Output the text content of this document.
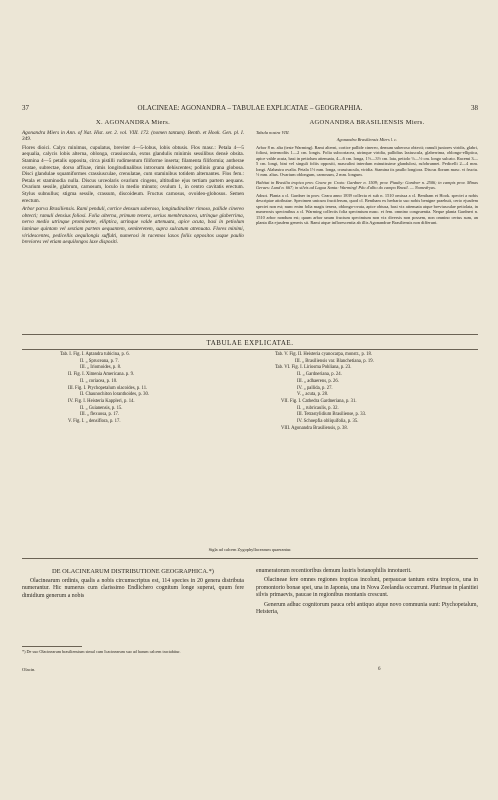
37	OLACINEAE: AGONANDRA – TABULAE EXPLICATAE – GEOGRAPHIA.	38
X. AGONANDRA Miers.

Agonandra Miers in Ann. of Nat. Hist. ser. 2. vol. VIII. 172. (nomen tantum). Benth. et Hook. Gen. pl. I. 349.

Flores dioici. Calyx minimus, cupulatus, breviter 4—5-lobus, lobis obtusis. Flos masc.: Petala 4—5 aequalia, calycis lobis alterna, oblonga, crassiuscula, extus glandulis minimis sessilibus densè obsita. Stamina 4—5 petalis opposita, circa pistilli rudimentum filiforme inserta; filamenta filiformia; antherae ovatae, subrectae, dorso affixae, rimis longitudinalibus introrsum dehiscentes; pollinis grana globosa. Disci glandulae squamiformes crassiusculae, crenulatae, cum staminibus totidem alternantes. Flos fem.: Petala et staminodia nulla. Discus urceolaris ovarium cingens, altitudine ejus tertiam partem aequans. Ovarium sessile, glabrum, carnosum, loculo in medio minuto; ovulum 1, in centro cavitatis erectum. Stylus subnullus; stigma sessile, crassum, discoideum. Fructus carnosus, ovoideo-globosus. Semen erectum.

Arbor parva Brasiliensis. Rami penduli, cortice densum suberoso, longitudinaliter rimoso, pallide cinereo obtecti; ramuli densius foliosi. Folia alterna, primum tenera, serius membranacea, utrinque glaberrima, nervo medio utrinque prominente, elliptica, utrinque valde attenuata, apice acuta, basi in petiolum laminae quintam vel sextiam partem aequantem, semiteretem, supra sulcatum attenuata. Flores minimi, viridescentes, pedicellis aequilongis suffulti, numerosi in racemos laxos foliis oppositos usque paullo breviores vel etiam aequilongos laxe dispositi.

AGONANDRA BRASILIENSIS Miers.

Tabula nostra VIII.

Agonandra Brasiliensis Miers l. c.

Arbor 8 m. alta (teste Warming). Rami alterni, cortice pallide cinereo, demum suberoso obtecti; ramuli juniores viridis, glabri, foliosi, internodiis 1—2 cm. longis. Folia subcoriacea, utrinque viridia, pallidius laxiuscula, glaberrima, oblongo-elliptica, apice valde acuta, basi in petiolum attenuata, 4—6 cm. longa, 1½—3½ cm. lata, petiolo ⅓—½ cm. longo sulcato. Racemi 3—5 cm. longi, bini vel singuli foliis oppositi, masculini interdum minutissime glandulosi, rufobrunnei. Pedicelli 2—4 mm. longi. Alabastra ovalia. Petala 1½ mm. longa, crassiuscula, viridia. Stamina iis paullo longiora. Discus florum masc. vi fructu. ½ mm. altus. Ovarium oblongum, carnosum, 2 mm. longum.

Habitat in Brasilia tropica prov. Ceara pr. Crato: Gardner n. 1509; prov. Piauhy: Gardner n. 2506; in campis prov. Minas Geraes: Lund n. 667; in silvis ad Lagoa Santa: Warming! Pão d'alho do campo Brasil. — Nomedryas.

Adnot. Planta a cl. Gardner in prov. Ceara anno 1839 collecta et sub n. 1510 omissa a cl. Bentham et Hook. speciei a nobis descriptae attributae. Specimen unicum fructiferum, quod cl. Bentham ex herbario suo nobis benigne praebuit, certo ejusdem speciei non est; nunc enim folia magis tenera, oblongo-ovata, apice obtusa, basi vix attenuata atque breviusculae petiolata, in numerosis specimibus a cl. Warming collectis folia specimium masc. et fem. omnino congruentia. Neque planta Gardneri n. 1510 arbor nondum est; quum arbor unum fructum specimium non vix diversis non possem, non omnino certus sum, an planta illa ejusdem generis sit. Rami atque inflorescentia ab illis Agonandrae Brasiliensis non differunt.

TABULAE EXPLICATAE.
Tab. I. Fig. I. Aptandra tubicina, p. 6.
II. „ Spruceana, p. 7.
III. „ Iriomoides, p. 8.
II. Fig. I. Ximenia Americana. p. 9.
II. „ coriacea, p. 10.
III. Fig. I. Ptychopetalum olacoides, p. 11.
II. Chaunochiton loranthoides, p. 30.
IV. Fig. I. Heisteria Kappleri, p. 14.
II. „ Guianensis, p. 15.
III. „ flexuosa, p. 17.
V. Fig. I. „ densiflora, p. 17.
Tab. V. Fig. II. Heisteria cyanocarpa, monstr., p. 18.
III. „ Brasiliensis var. Blanchetiana, p. 19.
Tab. VI. Fig. I. Liriosma Pohliana, p. 23.
II. „ Gardneriana, p. 24.
III. „ adhaerens, p. 26.
IV. „ pallida, p. 27.
V. „ acuta, p. 28.
VII. Fig. I. Cathedra Gardneriana, p. 31.
II. „ rubricaulis, p. 32.
III. Tetrastylidium Brasiliense, p. 33.
IV. Schoepfia obliquifolia, p. 35.
VIII. Agonandra Brasiliensis, p. 38.
Sigla ad calcem Zygophyllacearum quaerantur.

DE OLACINEARUM DISTRIBUTIONE GEOGRAPHICA.*)

Olacinearum ordinis, qualis a nobis circumscriptus est, 114 species in 20 genera distributa numerantur. Hic numerus cum clarissimo Endlichero cognitum longe superat, quum fere dimidium generum a nobis

*) De suo Olacinearum brasiliensium simul cum Icacinearum suo ad harum calcem tractabitur.
Olacin.

enumeratorum recentioribus demum lustris botanophilis innotuerit.

Olacineae fere omnes regiones tropicas incolunt, perpaucae tantum extra tropicos, una in promontorio bonae spei, una in Japonia, una in Nova Zeelandia occurrunt. Plurimae in planitiei silvis primaevis, paucae in regionibus montanis crescunt.

Generum adhuc cognitorum pauca orbi antiquo atque novo communia sunt: Ptychopetalum, Heisteria,

6
